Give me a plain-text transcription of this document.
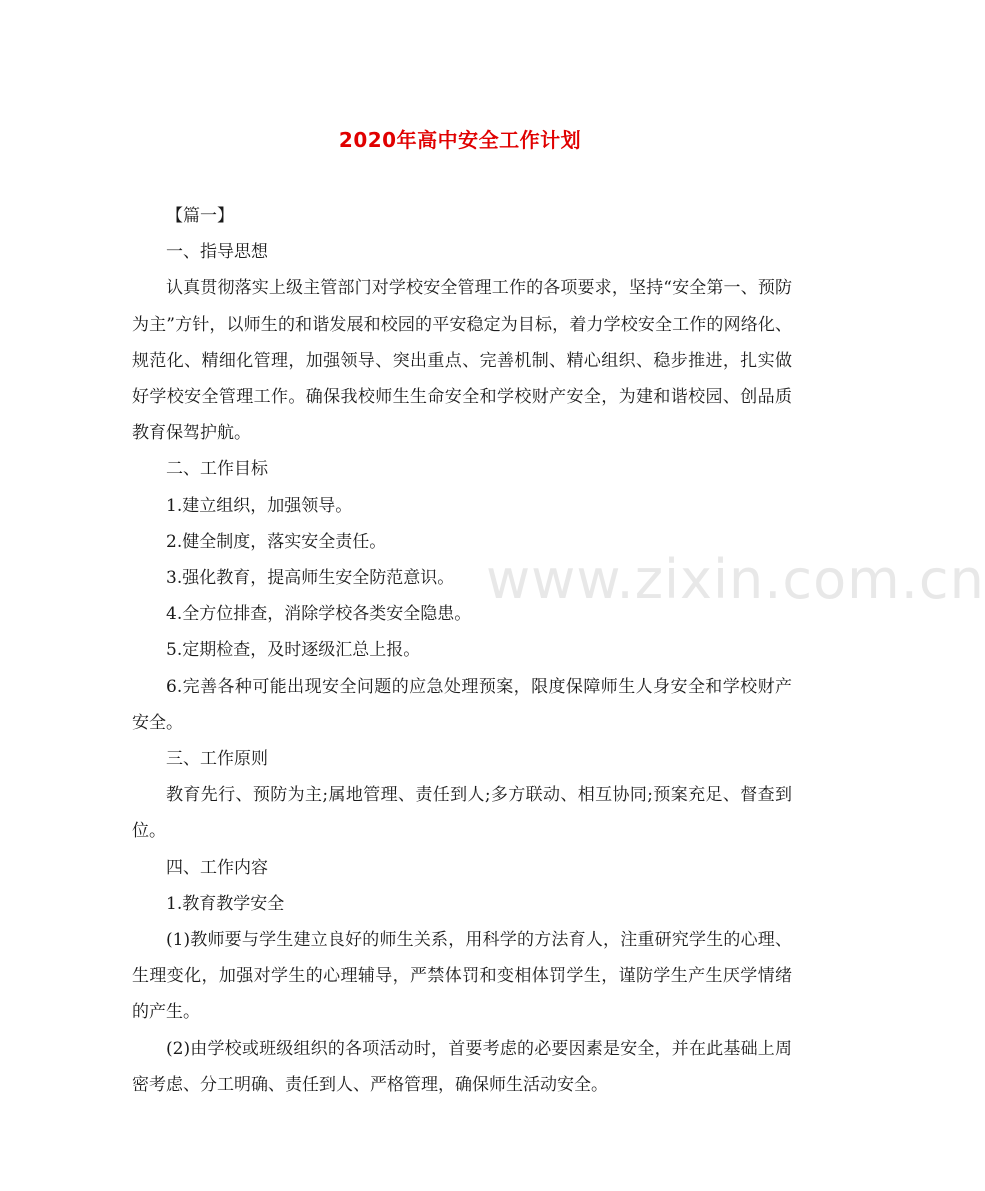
2020年高中安全工作计划
www.zixin.com.cn

【篇一】

一、指导思想

认真贯彻落实上级主管部门对学校安全管理工作的各项要求，坚持“安全第一、预防为主”方针，以师生的和谐发展和校园的平安稳定为目标，着力学校安全工作的网络化、规范化、精细化管理，加强领导、突出重点、完善机制、精心组织、稳步推进，扎实做好学校安全管理工作。确保我校师生生命安全和学校财产安全，为建和谐校园、创品质教育保驾护航。

二、工作目标

1.建立组织，加强领导。

2.健全制度，落实安全责任。

3.强化教育，提高师生安全防范意识。

4.全方位排查，消除学校各类安全隐患。

5.定期检查，及时逐级汇总上报。

6.完善各种可能出现安全问题的应急处理预案，限度保障师生人身安全和学校财产安全。

三、工作原则

教育先行、预防为主;属地管理、责任到人;多方联动、相互协同;预案充足、督查到位。

四、工作内容

1.教育教学安全

(1)教师要与学生建立良好的师生关系，用科学的方法育人，注重研究学生的心理、生理变化，加强对学生的心理辅导，严禁体罚和变相体罚学生，谨防学生产生厌学情绪的产生。

(2)由学校或班级组织的各项活动时，首要考虑的必要因素是安全，并在此基础上周密考虑、分工明确、责任到人、严格管理，确保师生活动安全。
